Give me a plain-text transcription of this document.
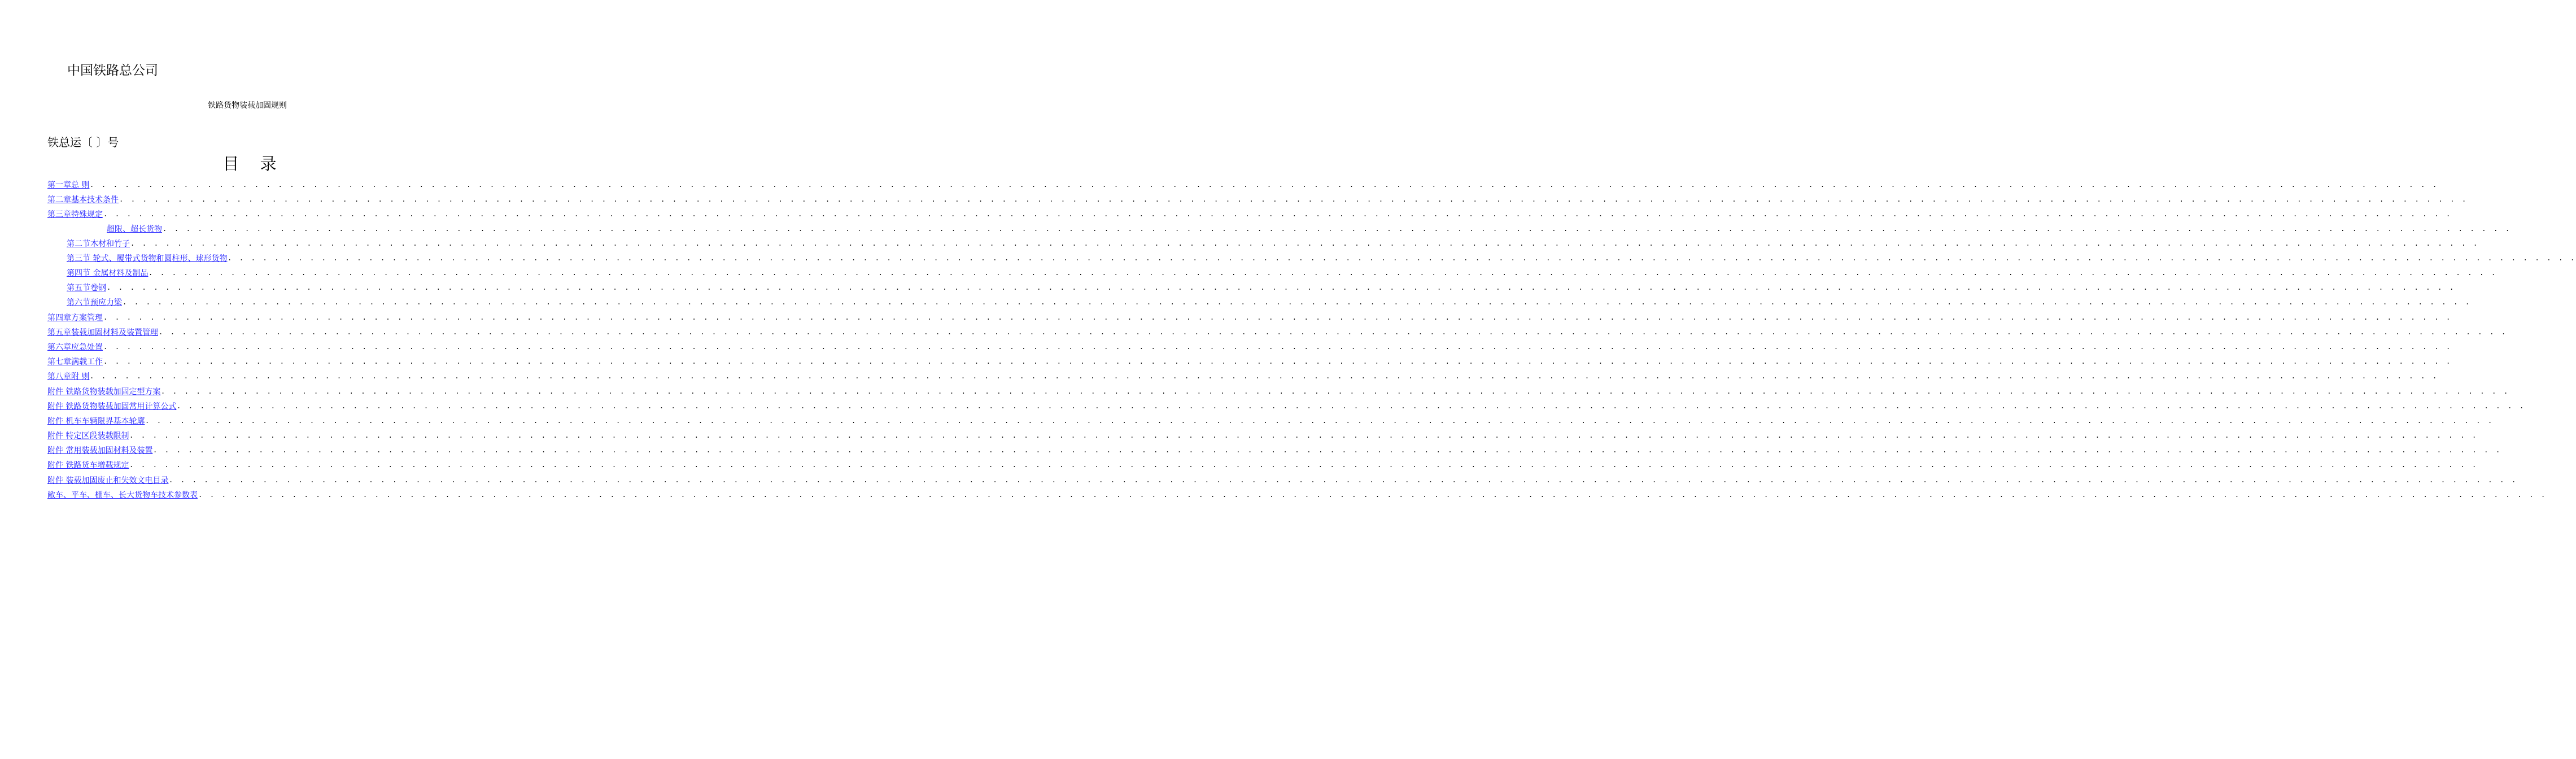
中国铁路总公司
铁路货物装载加固规则
铁总运〔 〕号
目 录
第一章总 则 . . . . . . . . . . . . . . . . . . . . . . . . . . . . . . . . . . . . . . . . . . . . . . . . . . . . . . . . . . . . . . . . . . . . . . . . . . . . . . . . . . . . . . . . . . . . . . . . . . . . . . . . . . . . . . . . . . . . . . . . . . . . . . . . . . . . . . . . . . . . . . . . . . . . . . . . . . . . . . . . . . . . . . . . . . . . . . . . . . . . . . . . . . . . . . . . . . . . . . . .
第二章基本技术条件 . . . . . . . . . . . . . . . . . . . . . . . . . . . . . . . . . . . . . . . . . . . . . . . . . . . . . . . . . . . . . . . . . . . . . . . . . . . . . . . . . . . . . . . . . . . . . . . . . . . . . . . . . . . . . . . . . . . . . . . . . . . . . . . . . . . . . . . . . . . . . . . . . . . . . . . . . . . . . . . . . . . . . . . . . . . . . . . . . . . . . . . . . . . . . . . . . . . . . . . .
第三章特殊规定 . . . . . . . . . . . . . . . . . . . . . . . . . . . . . . . . . . . . . . . . . . . . . . . . . . . . . . . . . . . . . . . . . . . . . . . . . . . . . . . . . . . . . . . . . . . . . . . . . . . . . . . . . . . . . . . . . . . . . . . . . . . . . . . . . . . . . . . . . . . . . . . . . . . . . . . . . . . . . . . . . . . . . . . . . . . . . . . . . . . . . . . . . . . . . . . . . . . . . . . .
超限、超长货物 . . . . . . . . . . . . . . . . . . . . . . . . . . . . . . . . . . . . . . . . . . . . . . . . . . . . . . . . . . . . . . . . . . . . . . . . . . . . . . . . . . . . . . . . . . . . . . . . . . . . . . . . . . . . . . . . . . . . . . . . . . . . . . . . . . . . . . . . . . . . . . . . . . . . . . . . . . . . . . . . . . . . . . . . . . . . . . . . . . . . . . . . . . . . . . . . . . . . . . . .
第二节木材和竹子 . . . . . . . . . . . . . . . . . . . . . . . . . . . . . . . . . . . . . . . . . . . . . . . . . . . . . . . . . . . . . . . . . . . . . . . . . . . . . . . . . . . . . . . . . . . . . . . . . . . . . . . . . . . . . . . . . . . . . . . . . . . . . . . . . . . . . . . . . . . . . . . . . . . . . . . . . . . . . . . . . . . . . . . . . . . . . . . . . . . . . . . . . . . . . . . . . . . . . . . .
第三节 轮式、履带式货物和圆柱形、球形货物 . . . . . . . . . . . . . . . . . . . . . . . . . . . . . . . . . . . . . . . . . . . . . . . . . . . . . . . . . . . . . . . . . . . . . . . . . . . . . . . . . . . . . . . . . . . . . . . . . . . . . . . . . . . . . . . . . . . . . . . . . . . . . . . . . . . . . . . . . . . . . . . . . . . . . . . . . . . . . . . . . . . . . . . . . . . . . . . . . . . . . . . . . . . . . . . . . . . . . . . .
第四节 金属材料及制品 . . . . . . . . . . . . . . . . . . . . . . . . . . . . . . . . . . . . . . . . . . . . . . . . . . . . . . . . . . . . . . . . . . . . . . . . . . . . . . . . . . . . . . . . . . . . . . . . . . . . . . . . . . . . . . . . . . . . . . . . . . . . . . . . . . . . . . . . . . . . . . . . . . . . . . . . . . . . . . . . . . . . . . . . . . . . . . . . . . . . . . . . . . . . . . . . . . . . . . . .
第五节卷钢 . . . . . . . . . . . . . . . . . . . . . . . . . . . . . . . . . . . . . . . . . . . . . . . . . . . . . . . . . . . . . . . . . . . . . . . . . . . . . . . . . . . . . . . . . . . . . . . . . . . . . . . . . . . . . . . . . . . . . . . . . . . . . . . . . . . . . . . . . . . . . . . . . . . . . . . . . . . . . . . . . . . . . . . . . . . . . . . . . . . . . . . . . . . . . . . . . . . . . . . .
第六节预应力梁 . . . . . . . . . . . . . . . . . . . . . . . . . . . . . . . . . . . . . . . . . . . . . . . . . . . . . . . . . . . . . . . . . . . . . . . . . . . . . . . . . . . . . . . . . . . . . . . . . . . . . . . . . . . . . . . . . . . . . . . . . . . . . . . . . . . . . . . . . . . . . . . . . . . . . . . . . . . . . . . . . . . . . . . . . . . . . . . . . . . . . . . . . . . . . . . . . . . . . . . .
第四章方案管理 . . . . . . . . . . . . . . . . . . . . . . . . . . . . . . . . . . . . . . . . . . . . . . . . . . . . . . . . . . . . . . . . . . . . . . . . . . . . . . . . . . . . . . . . . . . . . . . . . . . . . . . . . . . . . . . . . . . . . . . . . . . . . . . . . . . . . . . . . . . . . . . . . . . . . . . . . . . . . . . . . . . . . . . . . . . . . . . . . . . . . . . . . . . . . . . . . . . . . . . .
第五章装载加固材料及装置管理 . . . . . . . . . . . . . . . . . . . . . . . . . . . . . . . . . . . . . . . . . . . . . . . . . . . . . . . . . . . . . . . . . . . . . . . . . . . . . . . . . . . . . . . . . . . . . . . . . . . . . . . . . . . . . . . . . . . . . . . . . . . . . . . . . . . . . . . . . . . . . . . . . . . . . . . . . . . . . . . . . . . . . . . . . . . . . . . . . . . . . . . . . . . . . . . . . . . . . . . .
第六章应急处置 . . . . . . . . . . . . . . . . . . . . . . . . . . . . . . . . . . . . . . . . . . . . . . . . . . . . . . . . . . . . . . . . . . . . . . . . . . . . . . . . . . . . . . . . . . . . . . . . . . . . . . . . . . . . . . . . . . . . . . . . . . . . . . . . . . . . . . . . . . . . . . . . . . . . . . . . . . . . . . . . . . . . . . . . . . . . . . . . . . . . . . . . . . . . . . . . . . . . . . . .
第七章满载工作 . . . . . . . . . . . . . . . . . . . . . . . . . . . . . . . . . . . . . . . . . . . . . . . . . . . . . . . . . . . . . . . . . . . . . . . . . . . . . . . . . . . . . . . . . . . . . . . . . . . . . . . . . . . . . . . . . . . . . . . . . . . . . . . . . . . . . . . . . . . . . . . . . . . . . . . . . . . . . . . . . . . . . . . . . . . . . . . . . . . . . . . . . . . . . . . . . . . . . . . .
第八章附 则 . . . . . . . . . . . . . . . . . . . . . . . . . . . . . . . . . . . . . . . . . . . . . . . . . . . . . . . . . . . . . . . . . . . . . . . . . . . . . . . . . . . . . . . . . . . . . . . . . . . . . . . . . . . . . . . . . . . . . . . . . . . . . . . . . . . . . . . . . . . . . . . . . . . . . . . . . . . . . . . . . . . . . . . . . . . . . . . . . . . . . . . . . . . . . . . . . . . . . . . .
附件 铁路货物装载加固定型方案 . . . . . . . . . . . . . . . . . . . . . . . . . . . . . . . . . . . . . . . . . . . . . . . . . . . . . . . . . . . . . . . . . . . . . . . . . . . . . . . . . . . . . . . . . . . . . . . . . . . . . . . . . . . . . . . . . . . . . . . . . . . . . . . . . . . . . . . . . . . . . . . . . . . . . . . . . . . . . . . . . . . . . . . . . . . . . . . . . . . . . . . . . . . . . . . . . . . . . . . .
附件 铁路货物装载加固常用计算公式 . . . . . . . . . . . . . . . . . . . . . . . . . . . . . . . . . . . . . . . . . . . . . . . . . . . . . . . . . . . . . . . . . . . . . . . . . . . . . . . . . . . . . . . . . . . . . . . . . . . . . . . . . . . . . . . . . . . . . . . . . . . . . . . . . . . . . . . . . . . . . . . . . . . . . . . . . . . . . . . . . . . . . . . . . . . . . . . . . . . . . . . . . . . . . . . . . . . . . . . .
附件 机车车辆限界基本轮廓 . . . . . . . . . . . . . . . . . . . . . . . . . . . . . . . . . . . . . . . . . . . . . . . . . . . . . . . . . . . . . . . . . . . . . . . . . . . . . . . . . . . . . . . . . . . . . . . . . . . . . . . . . . . . . . . . . . . . . . . . . . . . . . . . . . . . . . . . . . . . . . . . . . . . . . . . . . . . . . . . . . . . . . . . . . . . . . . . . . . . . . . . . . . . . . . . . . . . . . . .
附件 特定区段装载限制 . . . . . . . . . . . . . . . . . . . . . . . . . . . . . . . . . . . . . . . . . . . . . . . . . . . . . . . . . . . . . . . . . . . . . . . . . . . . . . . . . . . . . . . . . . . . . . . . . . . . . . . . . . . . . . . . . . . . . . . . . . . . . . . . . . . . . . . . . . . . . . . . . . . . . . . . . . . . . . . . . . . . . . . . . . . . . . . . . . . . . . . . . . . . . . . . . . . . . . . .
附件 常用装载加固材料及装置 . . . . . . . . . . . . . . . . . . . . . . . . . . . . . . . . . . . . . . . . . . . . . . . . . . . . . . . . . . . . . . . . . . . . . . . . . . . . . . . . . . . . . . . . . . . . . . . . . . . . . . . . . . . . . . . . . . . . . . . . . . . . . . . . . . . . . . . . . . . . . . . . . . . . . . . . . . . . . . . . . . . . . . . . . . . . . . . . . . . . . . . . . . . . . . . . . . . . . . . .
附件 铁路货车增载规定 . . . . . . . . . . . . . . . . . . . . . . . . . . . . . . . . . . . . . . . . . . . . . . . . . . . . . . . . . . . . . . . . . . . . . . . . . . . . . . . . . . . . . . . . . . . . . . . . . . . . . . . . . . . . . . . . . . . . . . . . . . . . . . . . . . . . . . . . . . . . . . . . . . . . . . . . . . . . . . . . . . . . . . . . . . . . . . . . . . . . . . . . . . . . . . . . . . . . . . . .
附件 装载加固废止和失效文电目录 . . . . . . . . . . . . . . . . . . . . . . . . . . . . . . . . . . . . . . . . . . . . . . . . . . . . . . . . . . . . . . . . . . . . . . . . . . . . . . . . . . . . . . . . . . . . . . . . . . . . . . . . . . . . . . . . . . . . . . . . . . . . . . . . . . . . . . . . . . . . . . . . . . . . . . . . . . . . . . . . . . . . . . . . . . . . . . . . . . . . . . . . . . . . . . . . . . . . . . . .
敞车、平车、棚车、长大货物车技术参数表 . . . . . . . . . . . . . . . . . . . . . . . . . . . . . . . . . . . . . . . . . . . . . . . . . . . . . . . . . . . . . . . . . . . . . . . . . . . . . . . . . . . . . . . . . . . . . . . . . . . . . . . . . . . . . . . . . . . . . . . . . . . . . . . . . . . . . . . . . . . . . . . . . . . . . . . . . . . . . . . . . . . . . . . . . . . . . . . . . . . . . . . . . . . . . . . . . . . . . . . .
